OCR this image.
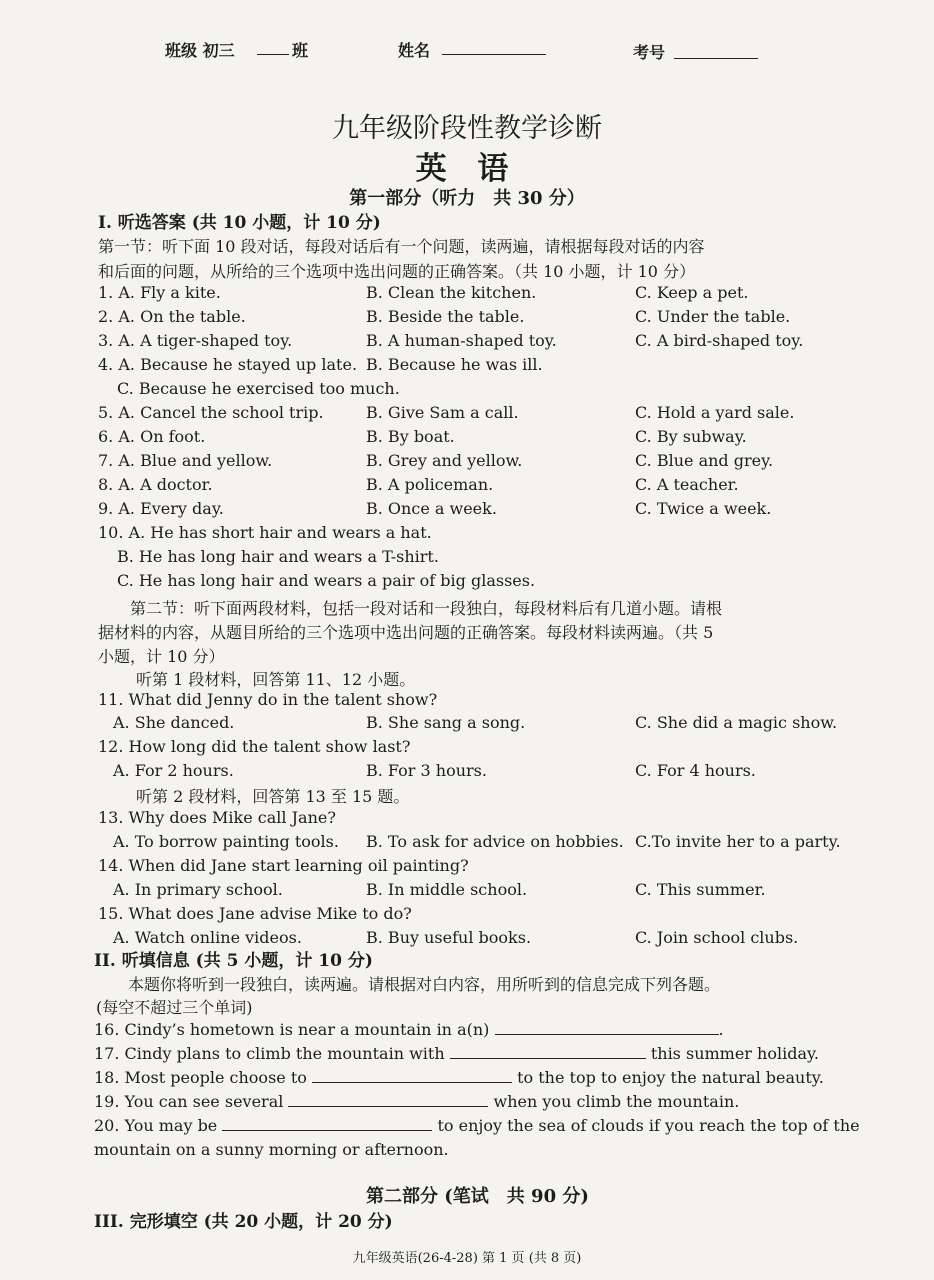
班级 初三	班	姓名	考号
九年级阶段性教学诊断
英 语
第一部分（听力　共 30 分）
I. 听选答案 (共 10 小题，计 10 分)
第一节：听下面 10 段对话，每段对话后有一个问题，读两遍，请根据每段对话的内容
和后面的问题，从所给的三个选项中选出问题的正确答案。（共 10 小题，计 10 分）
1. A. Fly a kite.	B. Clean the kitchen.	C. Keep a pet.
2. A. On the table.	B. Beside the table.	C. Under the table.
3. A. A tiger-shaped toy.	B. A human-shaped toy.	C. A bird-shaped toy.
4. A. Because he stayed up late. B. Because he was ill.
C. Because he exercised too much.
5. A. Cancel the school trip.	B. Give Sam a call.	C. Hold a yard sale.
6. A. On foot.	B. By boat.	C. By subway.
7. A. Blue and yellow.	B. Grey and yellow.	C. Blue and grey.
8. A. A doctor.	B. A policeman.	C. A teacher.
9. A. Every day.	B. Once a week.	C. Twice a week.
10. A. He has short hair and wears a hat.
B. He has long hair and wears a T-shirt.
C. He has long hair and wears a pair of big glasses.
第二节：听下面两段材料，包括一段对话和一段独白，每段材料后有几道小题。请根
据材料的内容，从题目所给的三个选项中选出问题的正确答案。每段材料读两遍。（共 5
小题，计 10 分）
听第 1 段材料，回答第 11、12 小题。
11. What did Jenny do in the talent show?
A. She danced.	B. She sang a song.	C. She did a magic show.
12. How long did the talent show last?
A. For 2 hours.	B. For 3 hours.	C. For 4 hours.
听第 2 段材料，回答第 13 至 15 题。
13. Why does Mike call Jane?
A. To borrow painting tools. B. To ask for advice on hobbies. C.To invite her to a party.
14. When did Jane start learning oil painting?
A. In primary school.	B. In middle school.	C. This summer.
15. What does Jane advise Mike to do?
A. Watch online videos.	B. Buy useful books.	C. Join school clubs.
II. 听填信息 (共 5 小题，计 10 分)
本题你将听到一段独白，读两遍。请根据对白内容，用所听到的信息完成下列各题。
(每空不超过三个单词)
16. Cindy’s hometown is near a mountain in a(n)	.
17. Cindy plans to climb the mountain with	this summer holiday.
18. Most people choose to	to the top to enjoy the natural beauty.
19. You can see several	when you climb the mountain.
20. You may be	to enjoy the sea of clouds if you reach the top of the
mountain on a sunny morning or afternoon.
第二部分 (笔试　共 90 分)
III. 完形填空 (共 20 小题，计 20 分)
九年级英语(26-4-28) 第 1 页 (共 8 页)
